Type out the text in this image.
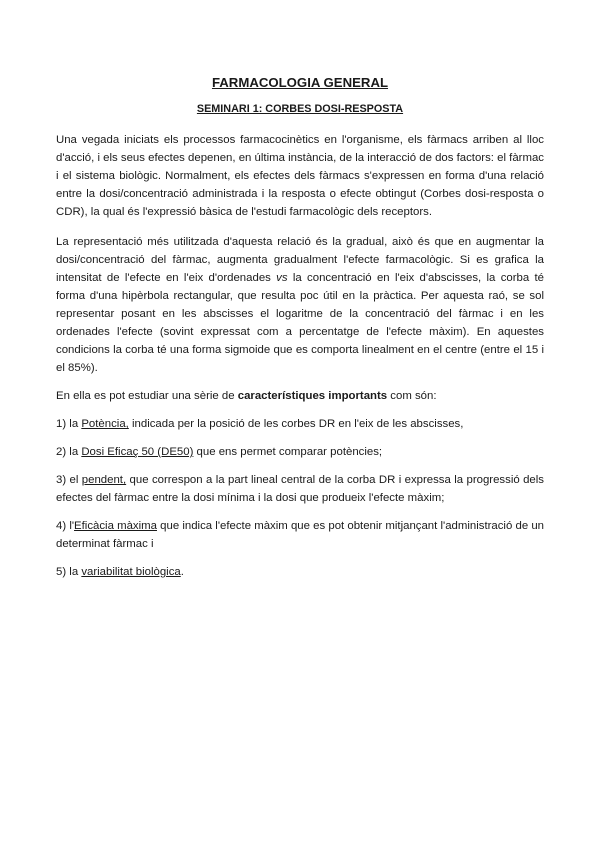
FARMACOLOGIA GENERAL
SEMINARI 1: CORBES DOSI-RESPOSTA

Una vegada iniciats els processos farmacocinètics en l'organisme, els fàrmacs arriben al lloc d'acció, i els seus efectes depenen, en última instància, de la interacció de dos factors: el fàrmac i el sistema biològic. Normalment, els efectes dels fàrmacs s'expressen en forma d'una relació entre la dosi/concentració administrada i la resposta o efecte obtingut (Corbes dosi-resposta o CDR), la qual és l'expressió bàsica de l'estudi farmacològic dels receptors.

La representació més utilitzada d'aquesta relació és la gradual, això és que en augmentar la dosi/concentració del fàrmac, augmenta gradualment l'efecte farmacològic. Si es grafica la intensitat de l'efecte en l'eix d'ordenades vs la concentració en l'eix d'abscisses, la corba té forma d'una hipèrbola rectangular, que resulta poc útil en la pràctica. Per aquesta raó, se sol representar posant en les abscisses el logaritme de la concentració del fàrmac i en les ordenades l'efecte (sovint expressat com a percentatge de l'efecte màxim). En aquestes condicions la corba té una forma sigmoide que es comporta linealment en el centre (entre el 15 i el 85%).

En ella es pot estudiar una sèrie de característiques importants com són:

1) la Potència, indicada per la posició de les corbes DR en l'eix de les abscisses,

2) la Dosi Eficaç 50 (DE50) que ens permet comparar potències;

3) el pendent, que correspon a la part lineal central de la corba DR i expressa la progressió dels efectes del fàrmac entre la dosi mínima i la dosi que produeix l'efecte màxim;

4) l'Eficàcia màxima que indica l'efecte màxim que es pot obtenir mitjançant l'administració de un determinat fàrmac i

5) la variabilitat biològica.
